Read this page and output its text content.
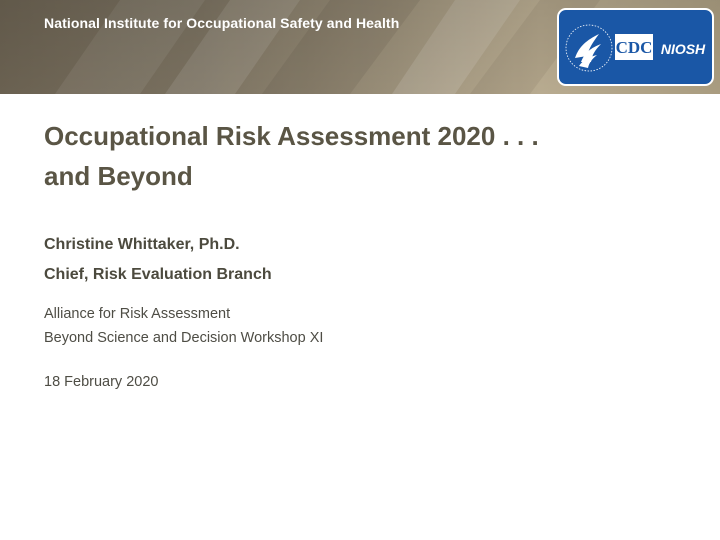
National Institute for Occupational Safety and Health
CDC NIOSH
Occupational Risk Assessment 2020 . . .
and Beyond
Christine Whittaker, Ph.D.
Chief, Risk Evaluation Branch
Alliance for Risk Assessment
Beyond Science and Decision Workshop XI
18 February 2020
